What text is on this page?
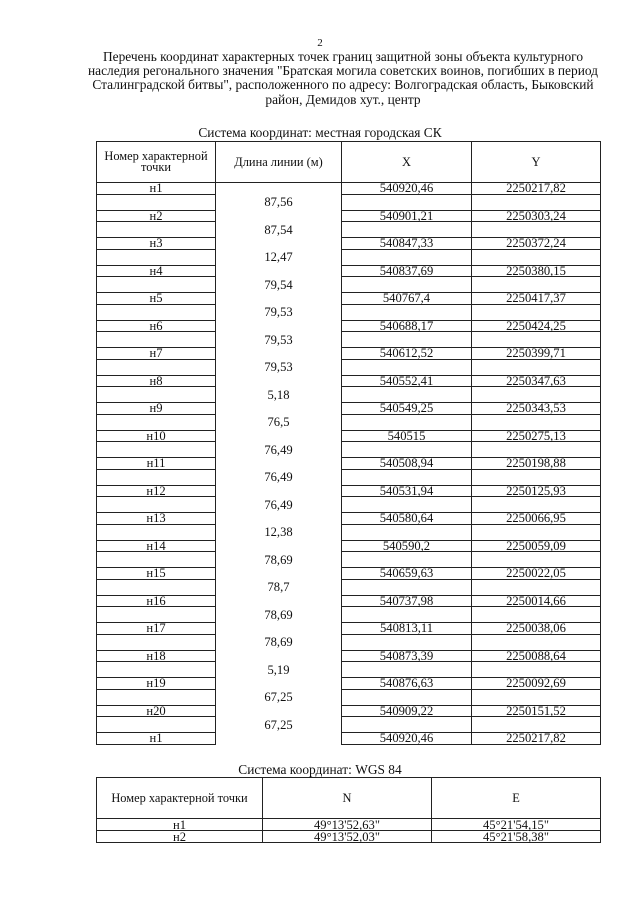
2
Перечень координат характерных точек границ защитной зоны объекта культурного наследия регонального значения "Братская могила советских воинов, погибших в период Сталинградской битвы", расположенного по адресу: Волгоградская область, Быковский район, Демидов хут., центр
Система координат: местная городская СК
Номер характерной точки	Длина линии (м)	X	Y
н1		540920,46	2250217,82
	87,56		
н2		540901,21	2250303,24
	87,54		
н3		540847,33	2250372,24
	12,47		
н4		540837,69	2250380,15
	79,54		
н5		540767,4	2250417,37
	79,53		
н6		540688,17	2250424,25
	79,53		
н7		540612,52	2250399,71
	79,53		
н8		540552,41	2250347,63
	5,18		
н9		540549,25	2250343,53
	76,5		
н10		540515	2250275,13
	76,49		
н11		540508,94	2250198,88
	76,49		
н12		540531,94	2250125,93
	76,49		
н13		540580,64	2250066,95
	12,38		
н14		540590,2	2250059,09
	78,69		
н15		540659,63	2250022,05
	78,7		
н16		540737,98	2250014,66
	78,69		
н17		540813,11	2250038,06
	78,69		
н18		540873,39	2250088,64
	5,19		
н19		540876,63	2250092,69
	67,25		
н20		540909,22	2250151,52
	67,25		
н1		540920,46	2250217,82
Система координат: WGS 84
Номер характерной точки	N	E
н1	49°13'52,63"	45°21'54,15"
н2	49°13'52,03"	45°21'58,38"
